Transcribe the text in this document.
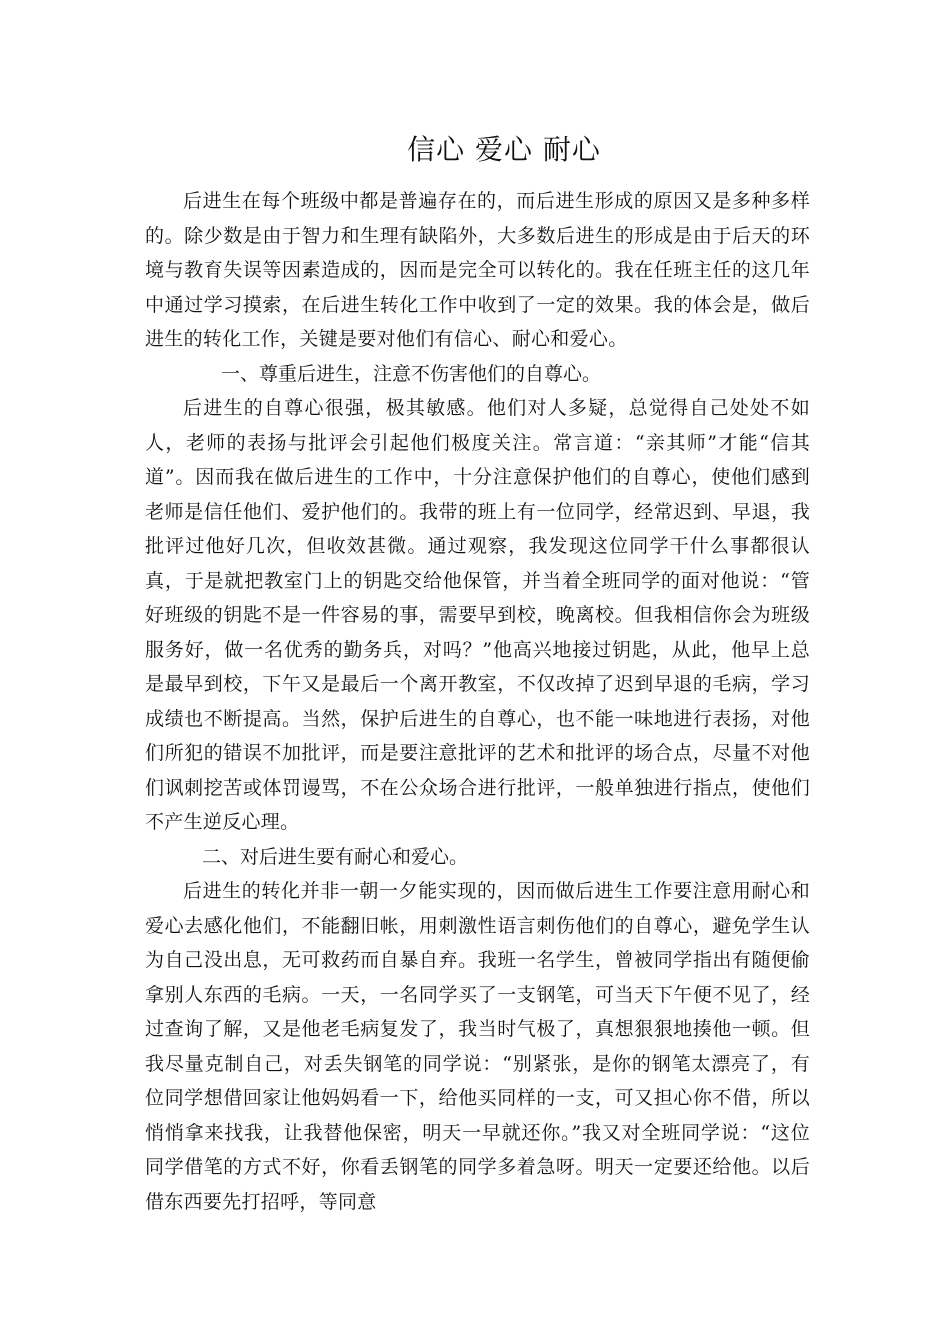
信心 爱心 耐心

后进生在每个班级中都是普遍存在的，而后进生形成的原因又是多种多样的。除少数是由于智力和生理有缺陷外，大多数后进生的形成是由于后天的环境与教育失误等因素造成的，因而是完全可以转化的。我在任班主任的这几年中通过学习摸索，在后进生转化工作中收到了一定的效果。我的体会是，做后进生的转化工作，关键是要对他们有信心、耐心和爱心。

一、尊重后进生，注意不伤害他们的自尊心。

后进生的自尊心很强，极其敏感。他们对人多疑，总觉得自己处处不如人，老师的表扬与批评会引起他们极度关注。常言道：“亲其师”才能“信其道”。因而我在做后进生的工作中，十分注意保护他们的自尊心，使他们感到老师是信任他们、爱护他们的。我带的班上有一位同学，经常迟到、早退，我批评过他好几次，但收效甚微。通过观察，我发现这位同学干什么事都很认真，于是就把教室门上的钥匙交给他保管，并当着全班同学的面对他说：“管好班级的钥匙不是一件容易的事，需要早到校，晚离校。但我相信你会为班级服务好，做一名优秀的勤务兵，对吗？”他高兴地接过钥匙，从此，他早上总是最早到校，下午又是最后一个离开教室，不仅改掉了迟到早退的毛病，学习成绩也不断提高。当然，保护后进生的自尊心，也不能一味地进行表扬，对他们所犯的错误不加批评，而是要注意批评的艺术和批评的场合点，尽量不对他们讽刺挖苦或体罚谩骂，不在公众场合进行批评，一般单独进行指点，使他们不产生逆反心理。

二、对后进生要有耐心和爱心。

后进生的转化并非一朝一夕能实现的，因而做后进生工作要注意用耐心和爱心去感化他们，不能翻旧帐，用刺激性语言刺伤他们的自尊心，避免学生认为自己没出息，无可救药而自暴自弃。我班一名学生，曾被同学指出有随便偷拿别人东西的毛病。一天，一名同学买了一支钢笔，可当天下午便不见了，经过查询了解，又是他老毛病复发了，我当时气极了，真想狠狠地揍他一顿。但我尽量克制自己，对丢失钢笔的同学说：“别紧张，是你的钢笔太漂亮了，有位同学想借回家让他妈妈看一下，给他买同样的一支，可又担心你不借，所以悄悄拿来找我，让我替他保密，明天一早就还你。”我又对全班同学说：“这位同学借笔的方式不好，你看丢钢笔的同学多着急呀。明天一定要还给他。以后借东西要先打招呼，等同意
